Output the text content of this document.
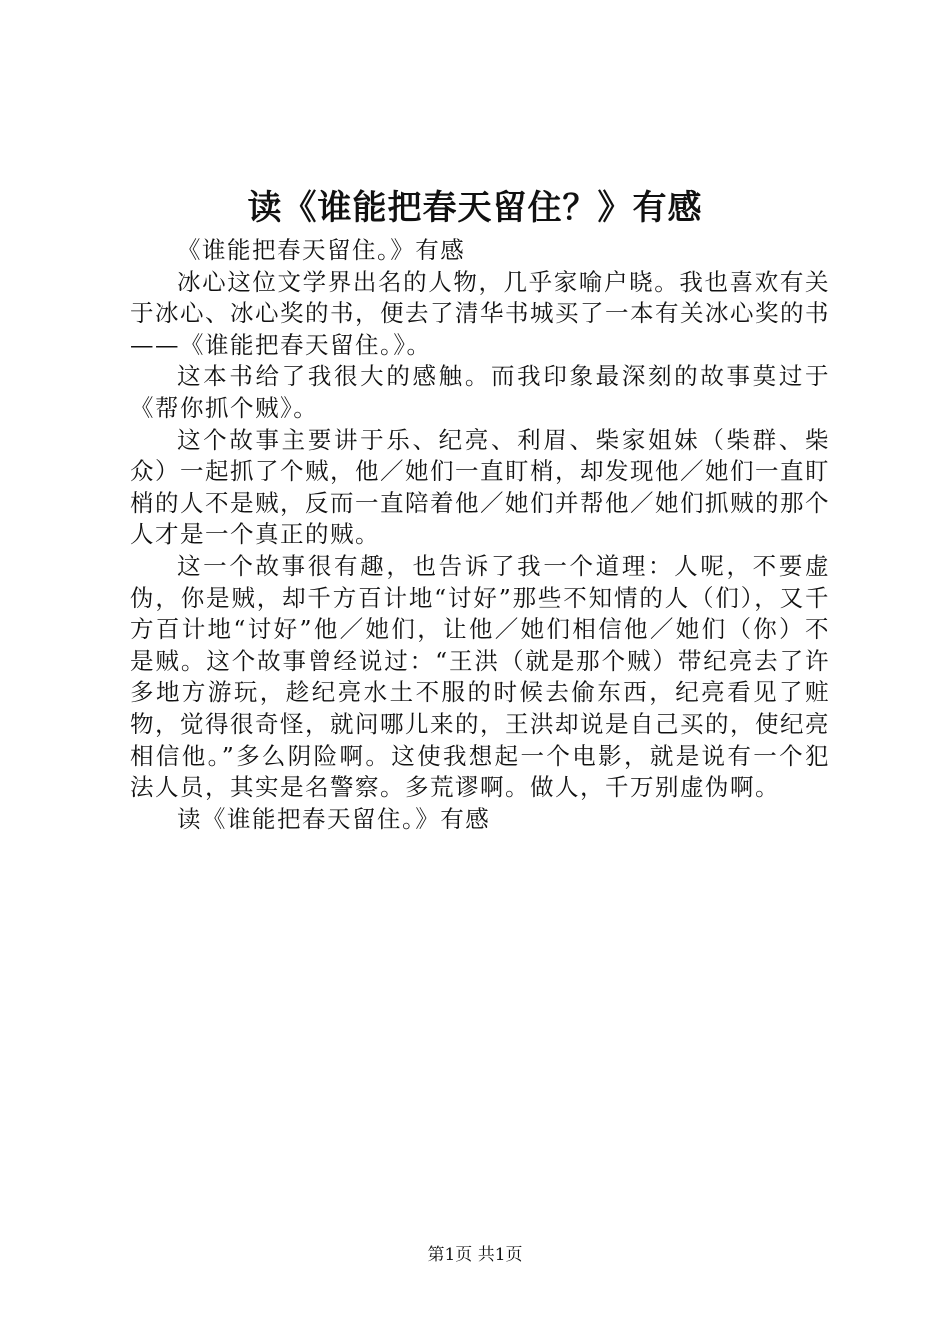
读《谁能把春天留住？》有感

《谁能把春天留住。》有感

冰心这位文学界出名的人物，几乎家喻户晓。我也喜欢有关于冰心、冰心奖的书，便去了清华书城买了一本有关冰心奖的书——《谁能把春天留住。》。

这本书给了我很大的感触。而我印象最深刻的故事莫过于《帮你抓个贼》。

这个故事主要讲于乐、纪亮、利眉、柴家姐妹（柴群、柴众）一起抓了个贼，他／她们一直盯梢，却发现他／她们一直盯梢的人不是贼，反而一直陪着他／她们并帮他／她们抓贼的那个人才是一个真正的贼。

这一个故事很有趣，也告诉了我一个道理：人呢，不要虚伪，你是贼，却千方百计地“讨好”那些不知情的人（们），又千方百计地“讨好”他／她们，让他／她们相信他／她们（你）不是贼。这个故事曾经说过：“王洪（就是那个贼）带纪亮去了许多地方游玩，趁纪亮水土不服的时候去偷东西，纪亮看见了赃物，觉得很奇怪，就问哪儿来的，王洪却说是自己买的，使纪亮相信他。”多么阴险啊。这使我想起一个电影，就是说有一个犯法人员，其实是名警察。多荒谬啊。做人，千万别虚伪啊。

读《谁能把春天留住。》有感

第1页 共1页
